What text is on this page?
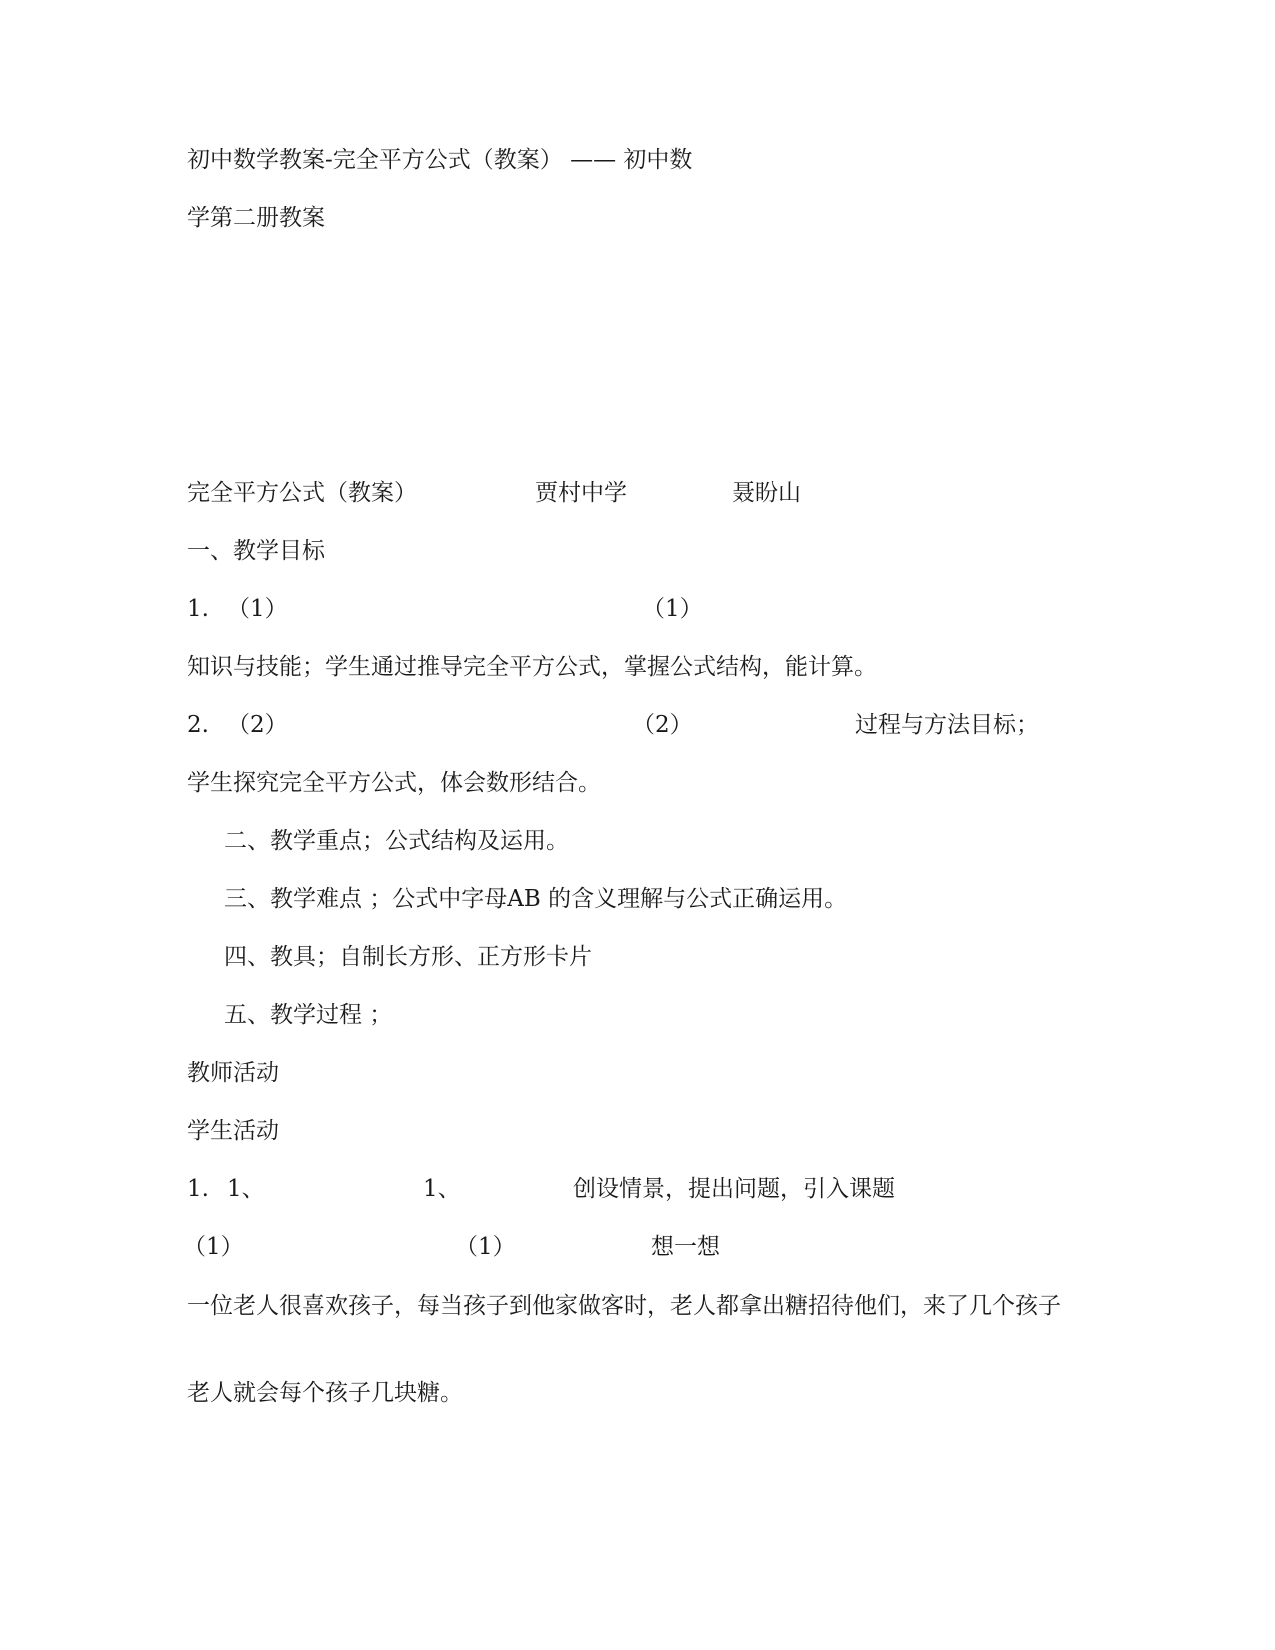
初中数学教案-完全平方公式（教案） —— 初中数
学第二册教案
完全平方公式（教案）	贾村中学	聂盼山
一、教学目标
1. （1）	（1）
知识与技能；学生通过推导完全平方公式，掌握公式结构，能计算。
2. （2）	（2）	过程与方法目标；
学生探究完全平方公式，体会数形结合。
二、教学重点；公式结构及运用。
三、教学难点 ；公式中字母AB 的含义理解与公式正确运用。
四、教具；自制长方形、正方形卡片
五、教学过程 ；
教师活动
学生活动
1. 1、	1、	创设情景，提出问题，引入课题
（1）	（1）	想一想
一位老人很喜欢孩子，每当孩子到他家做客时，老人都拿出糖招待他们，来了几个孩子
老人就会每个孩子几块糖。
